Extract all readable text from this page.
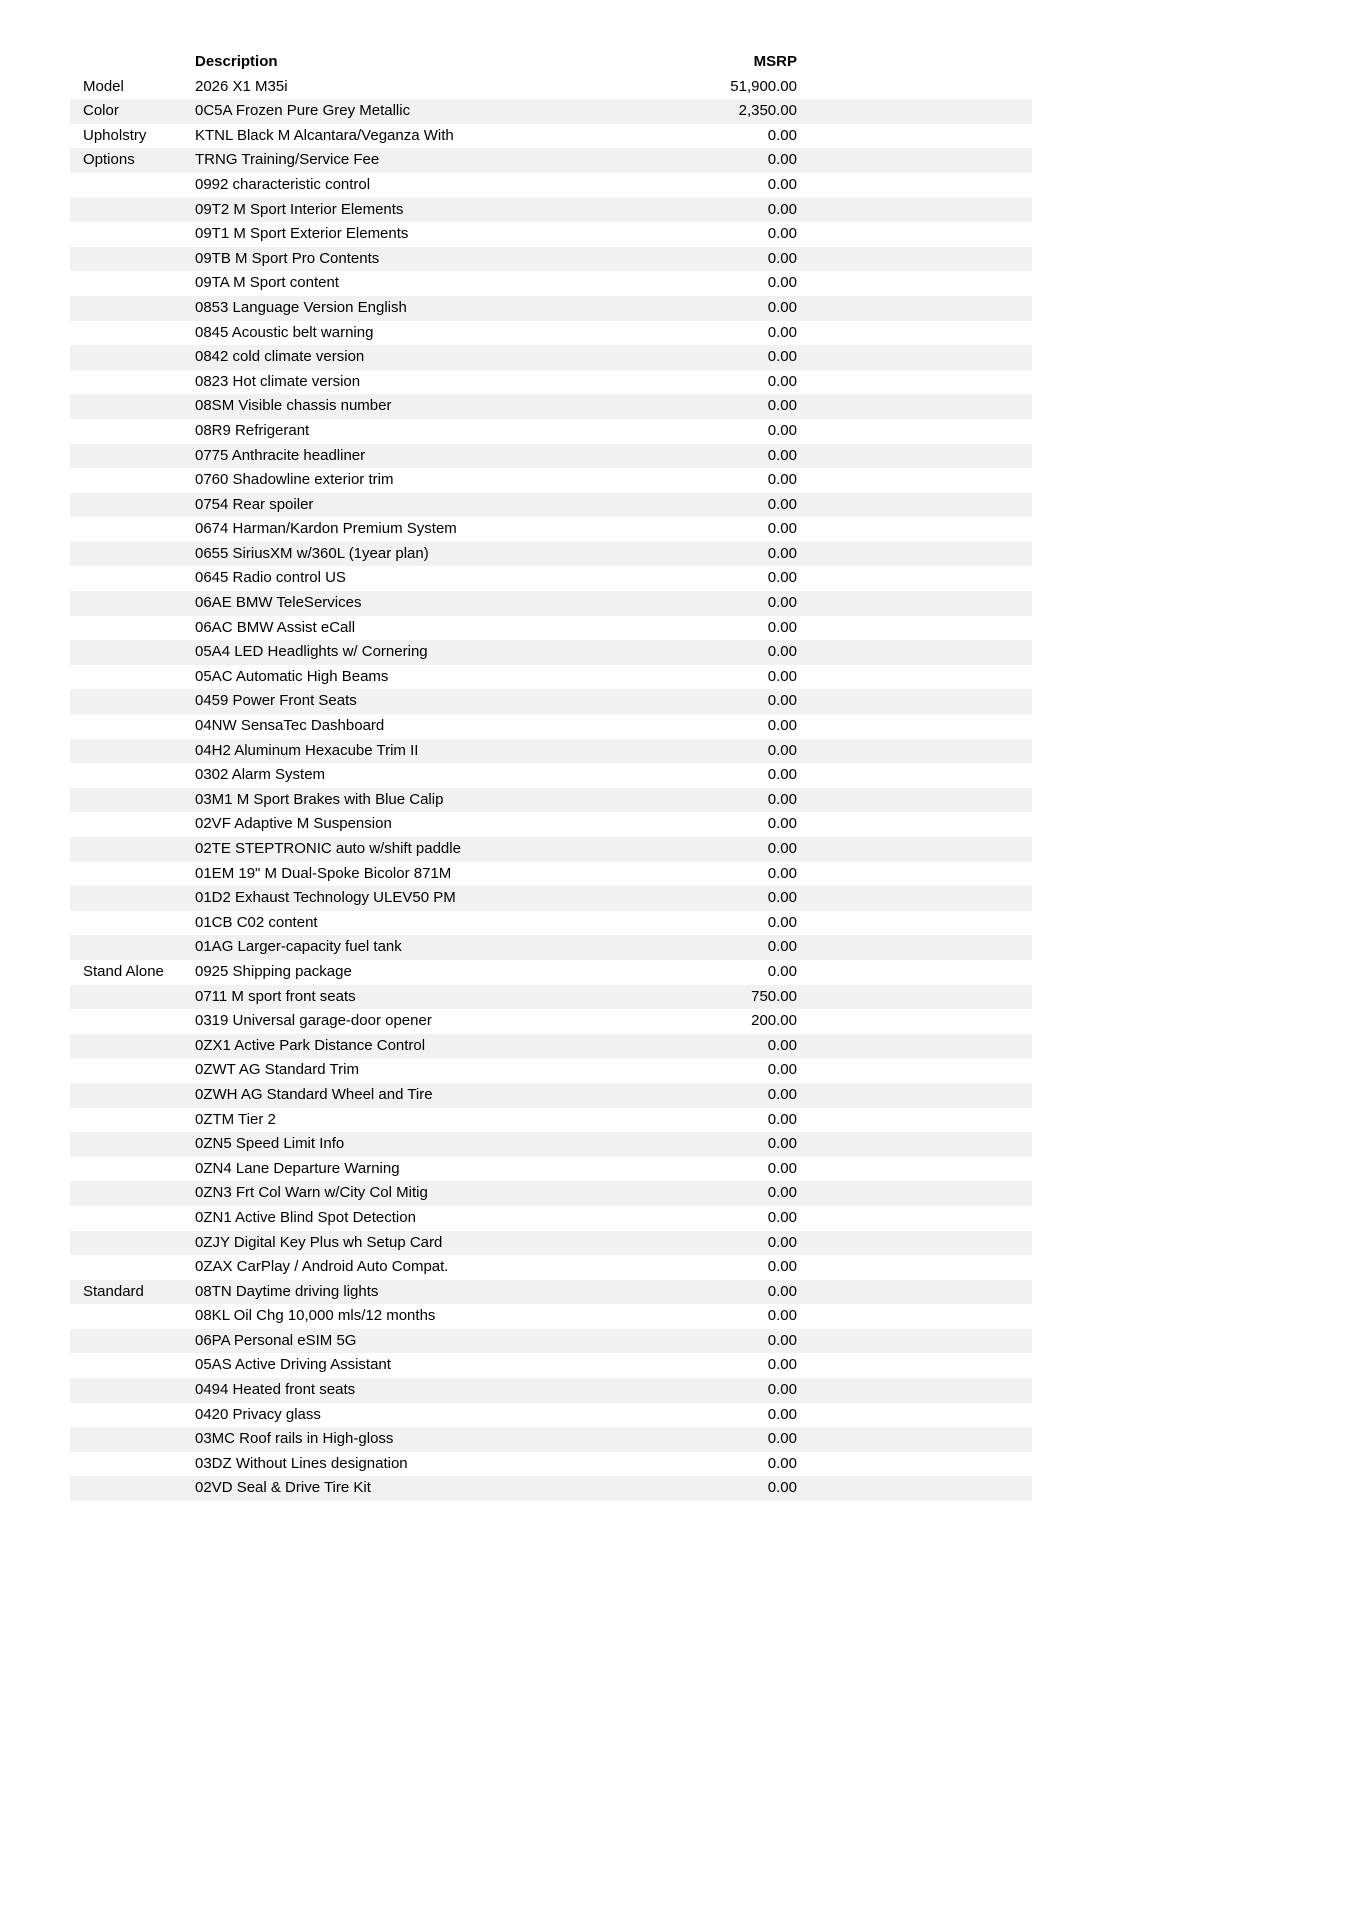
	Description	MSRP	
Model	2026 X1 M35i	51,900.00	
Color	0C5A Frozen Pure Grey Metallic	2,350.00	
Upholstry	KTNL Black M Alcantara/Veganza With	0.00	
Options	TRNG Training/Service Fee	0.00	
	0992 characteristic control	0.00	
	09T2 M Sport Interior Elements	0.00	
	09T1 M Sport Exterior Elements	0.00	
	09TB M Sport Pro Contents	0.00	
	09TA M Sport content	0.00	
	0853 Language Version English	0.00	
	0845 Acoustic belt warning	0.00	
	0842 cold climate version	0.00	
	0823 Hot climate version	0.00	
	08SM Visible chassis number	0.00	
	08R9 Refrigerant	0.00	
	0775 Anthracite headliner	0.00	
	0760 Shadowline exterior trim	0.00	
	0754 Rear spoiler	0.00	
	0674 Harman/Kardon Premium System	0.00	
	0655 SiriusXM w/360L (1year plan)	0.00	
	0645 Radio control US	0.00	
	06AE BMW TeleServices	0.00	
	06AC BMW Assist eCall	0.00	
	05A4 LED Headlights w/ Cornering	0.00	
	05AC Automatic High Beams	0.00	
	0459 Power Front Seats	0.00	
	04NW SensaTec Dashboard	0.00	
	04H2 Aluminum Hexacube Trim II	0.00	
	0302 Alarm System	0.00	
	03M1 M Sport Brakes with Blue Calip	0.00	
	02VF Adaptive M Suspension	0.00	
	02TE STEPTRONIC auto w/shift paddle	0.00	
	01EM 19" M Dual-Spoke Bicolor 871M	0.00	
	01D2 Exhaust Technology ULEV50 PM	0.00	
	01CB C02 content	0.00	
	01AG Larger-capacity fuel tank	0.00	
Stand Alone	0925 Shipping package	0.00	
	0711 M sport front seats	750.00	
	0319 Universal garage-door opener	200.00	
	0ZX1 Active Park Distance Control	0.00	
	0ZWT AG Standard Trim	0.00	
	0ZWH AG Standard Wheel and Tire	0.00	
	0ZTM Tier 2	0.00	
	0ZN5 Speed Limit Info	0.00	
	0ZN4 Lane Departure Warning	0.00	
	0ZN3 Frt Col Warn w/City Col Mitig	0.00	
	0ZN1 Active Blind Spot Detection	0.00	
	0ZJY Digital Key Plus wh Setup Card	0.00	
	0ZAX CarPlay / Android Auto Compat.	0.00	
Standard	08TN Daytime driving lights	0.00	
	08KL Oil Chg 10,000 mls/12 months	0.00	
	06PA Personal eSIM 5G	0.00	
	05AS Active Driving Assistant	0.00	
	0494 Heated front seats	0.00	
	0420 Privacy glass	0.00	
	03MC Roof rails in High-gloss	0.00	
	03DZ Without Lines designation	0.00	
	02VD Seal & Drive Tire Kit	0.00	
